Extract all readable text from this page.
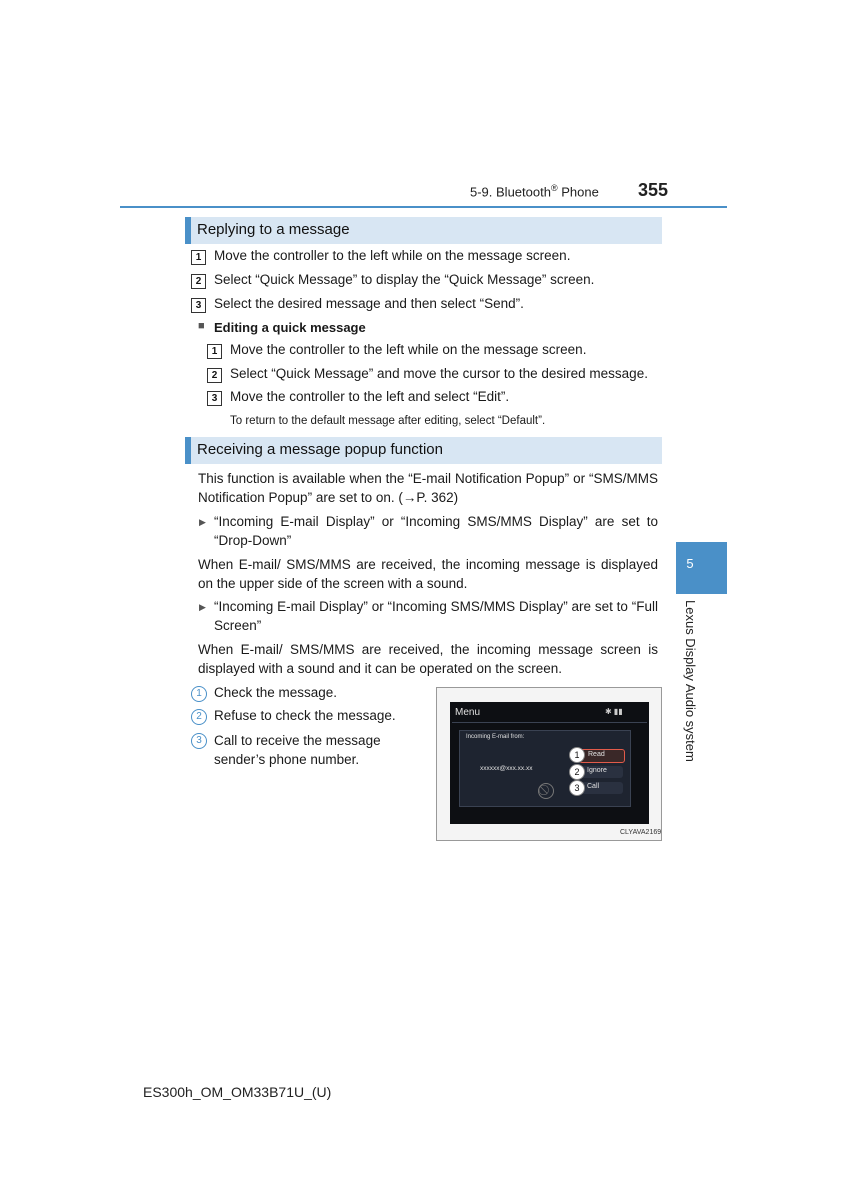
5-9. Bluetooth® Phone 355
5
Lexus Display Audio system
Replying to a message
1 Move the controller to the left while on the message screen.
2 Select “Quick Message” to display the “Quick Message” screen.
3 Select the desired message and then select “Send”.
■ Editing a quick message
1 Move the controller to the left while on the message screen.
2 Select “Quick Message” and move the cursor to the desired message.
3 Move the controller to the left and select “Edit”.
To return to the default message after editing, select “Default”.
Receiving a message popup function
This function is available when the “E-mail Notification Popup” or “SMS/MMS Notification Popup” are set to on. (→P. 362)
▶ “Incoming E-mail Display” or “Incoming SMS/MMS Display” are set to “Drop-Down”
When E-mail/ SMS/MMS are received, the incoming message is displayed on the upper side of the screen with a sound.
▶ “Incoming E-mail Display” or “Incoming SMS/MMS Display” are set to “Full Screen”
When E-mail/ SMS/MMS are received, the incoming message screen is displayed with a sound and it can be operated on the screen.
1 Check the message.
2 Refuse to check the message.
3 Call to receive the message sender’s phone number.
Menu	✱ ▮▮
Incoming E-mail from:
xxxxxx@xxx.xx.xx
Read
1
Ignore
2
Call
3
CLYAVA2169
ES300h_OM_OM33B71U_(U)
